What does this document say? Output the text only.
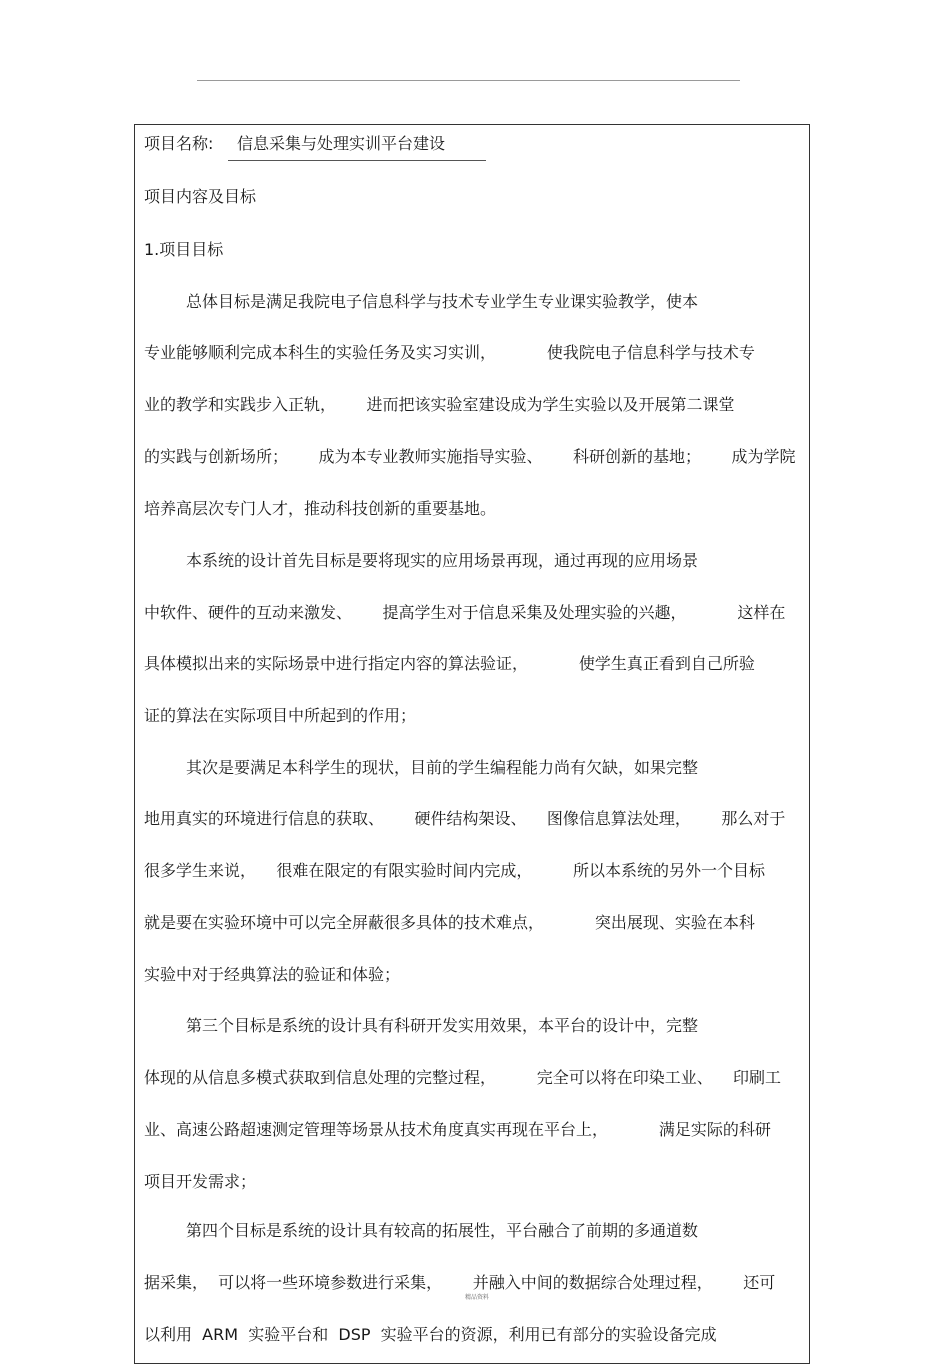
项目名称: 信息采集与处理实训平台建设

项目内容及目标

1.项目目标

总体目标是满足我院电子信息科学与技术专业学生专业课实验教学，使本

专业能够顺利完成本科生的实验任务及实习实训，          使我院电子信息科学与技术专

业的教学和实践步入正轨，      进而把该实验室建设成为学生实验以及开展第二课堂

的实践与创新场所；      成为本专业教师实施指导实验、      科研创新的基地；      成为学院

培养高层次专门人才，推动科技创新的重要基地。

本系统的设计首先目标是要将现实的应用场景再现，通过再现的应用场景

中软件、硬件的互动来激发、      提高学生对于信息采集及处理实验的兴趣，          这样在

具体模拟出来的实际场景中进行指定内容的算法验证，          使学生真正看到自己所验

证的算法在实际项目中所起到的作用；

其次是要满足本科学生的现状，目前的学生编程能力尚有欠缺，如果完整

地用真实的环境进行信息的获取、      硬件结构架设、    图像信息算法处理，      那么对于

很多学生来说，    很难在限定的有限实验时间内完成，        所以本系统的另外一个目标

就是要在实验环境中可以完全屏蔽很多具体的技术难点，          突出展现、实验在本科

实验中对于经典算法的验证和体验；

第三个目标是系统的设计具有科研开发实用效果，本平台的设计中，完整

体现的从信息多模式获取到信息处理的完整过程，        完全可以将在印染工业、    印刷工

业、高速公路超速测定管理等场景从技术角度真实再现在平台上，          满足实际的科研

项目开发需求；

第四个目标是系统的设计具有较高的拓展性，平台融合了前期的多通道数

据采集，  可以将一些环境参数进行采集，      并融入中间的数据综合处理过程，      还可

以利用  ARM  实验平台和  DSP  实验平台的资源，利用已有部分的实验设备完成

精品资料
